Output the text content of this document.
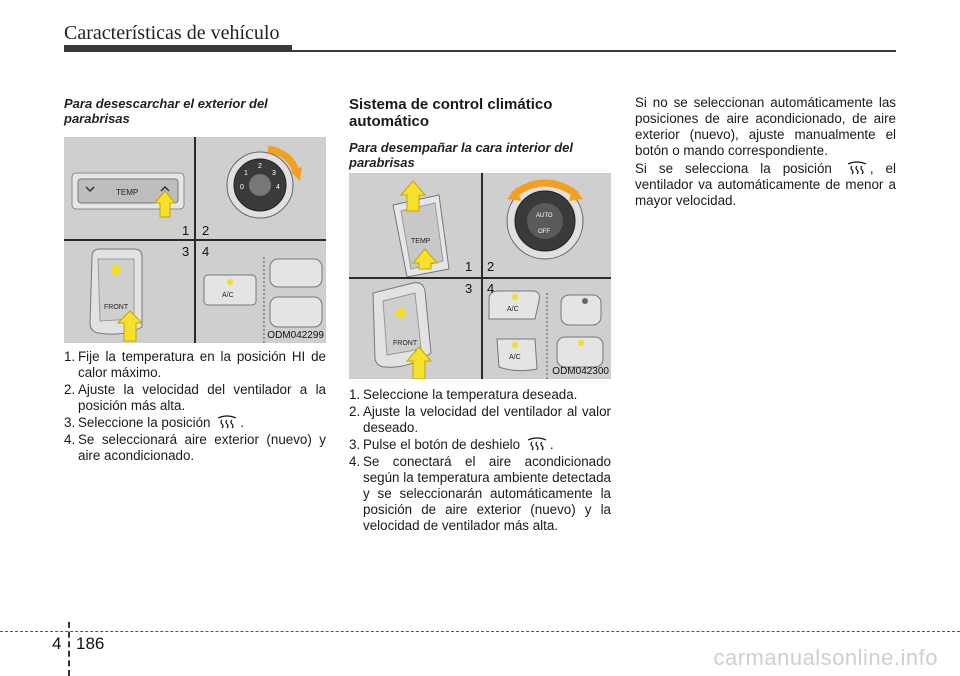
Características de vehículo
Para desescarchar el exterior del parabrisas
TEMP
1
2
3
0	4
FRONT
A/C
1 2
3 4
ODM042299
1. Fije la temperatura en la posición HI de calor máximo.
2. Ajuste la velocidad del ventilador a la posición más alta.
3. Seleccione la posición .
4. Se seleccionará aire exterior (nuevo) y aire acondicionado.
Sistema de control climático automático
Para desempañar la cara interior del parabrisas
TEMP
AUTO
OFF
FRONT
A/C
A/C
1 2
3 4
ODM042300
1. Seleccione la temperatura deseada.
2. Ajuste la velocidad del ventilador al valor deseado.
3. Pulse el botón de deshielo .
4. Se conectará el aire acondicionado según la temperatura ambiente detectada y se seleccionarán automáticamente la posición de aire exterior (nuevo) y la velocidad de ventilador más alta.
Si no se seleccionan automáticamente las posiciones de aire acondicionado, de aire exterior (nuevo), ajuste manualmente el botón o mando correspondiente.
Si se selecciona la posición	, el ventilador va automáticamente de menor a mayor velocidad.
4 186
carmanualsonline.info
